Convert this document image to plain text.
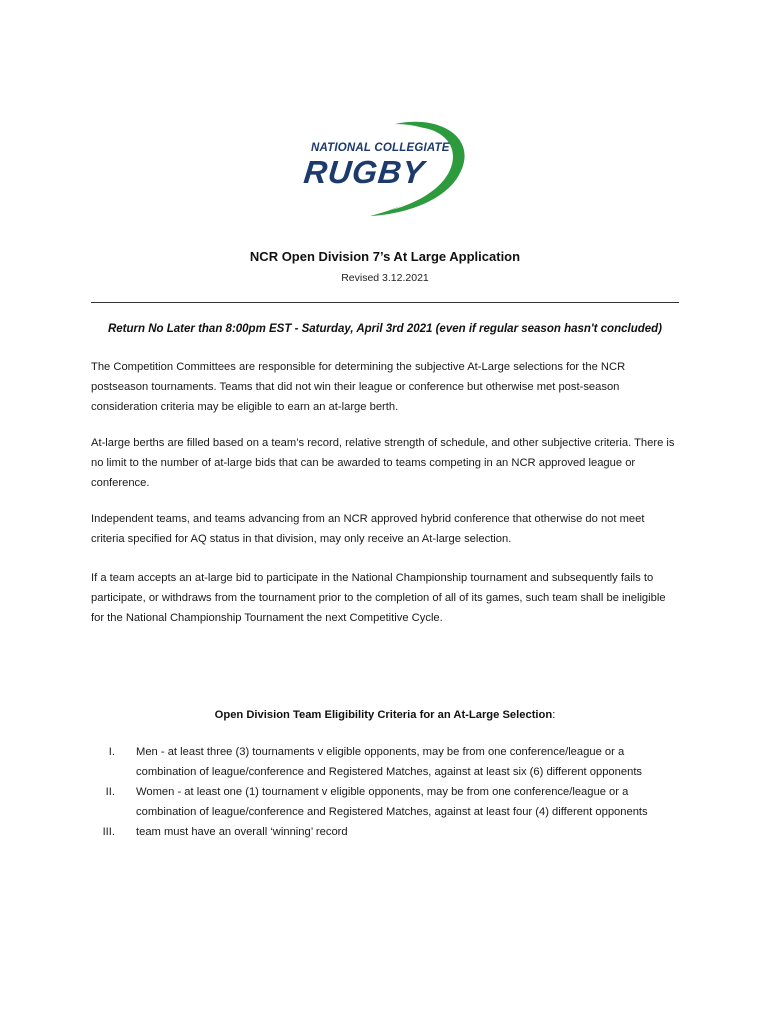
NATIONAL COLLEGIATE
RUGBY
NCR Open Division 7’s At Large Application
Revised 3.12.2021
Return No Later than 8:00pm EST - Saturday, April 3rd 2021 (even if regular season hasn't concluded)

The Competition Committees are responsible for determining the subjective At-Large selections for the NCR postseason tournaments. Teams that did not win their league or conference but otherwise met post-season consideration criteria may be eligible to earn an at-large berth.

At-large berths are filled based on a team’s record, relative strength of schedule, and other subjective criteria. There is no limit to the number of at-large bids that can be awarded to teams competing in an NCR approved league or conference.

Independent teams, and teams advancing from an NCR approved hybrid conference that otherwise do not meet criteria specified for AQ status in that division, may only receive an At-large selection.

If a team accepts an at-large bid to participate in the National Championship tournament and subsequently fails to participate, or withdraws from the tournament prior to the completion of all of its games, such team shall be ineligible for the National Championship Tournament the next Competitive Cycle.

Open Division Team Eligibility Criteria for an At-Large Selection:
I. Men - at least three (3) tournaments v eligible opponents, may be from one conference/league or a combination of league/conference and Registered Matches, against at least six (6) different opponents
II. Women - at least one (1) tournament v eligible opponents, may be from one conference/league or a combination of league/conference and Registered Matches, against at least four (4) different opponents
III. team must have an overall ‘winning’ record
